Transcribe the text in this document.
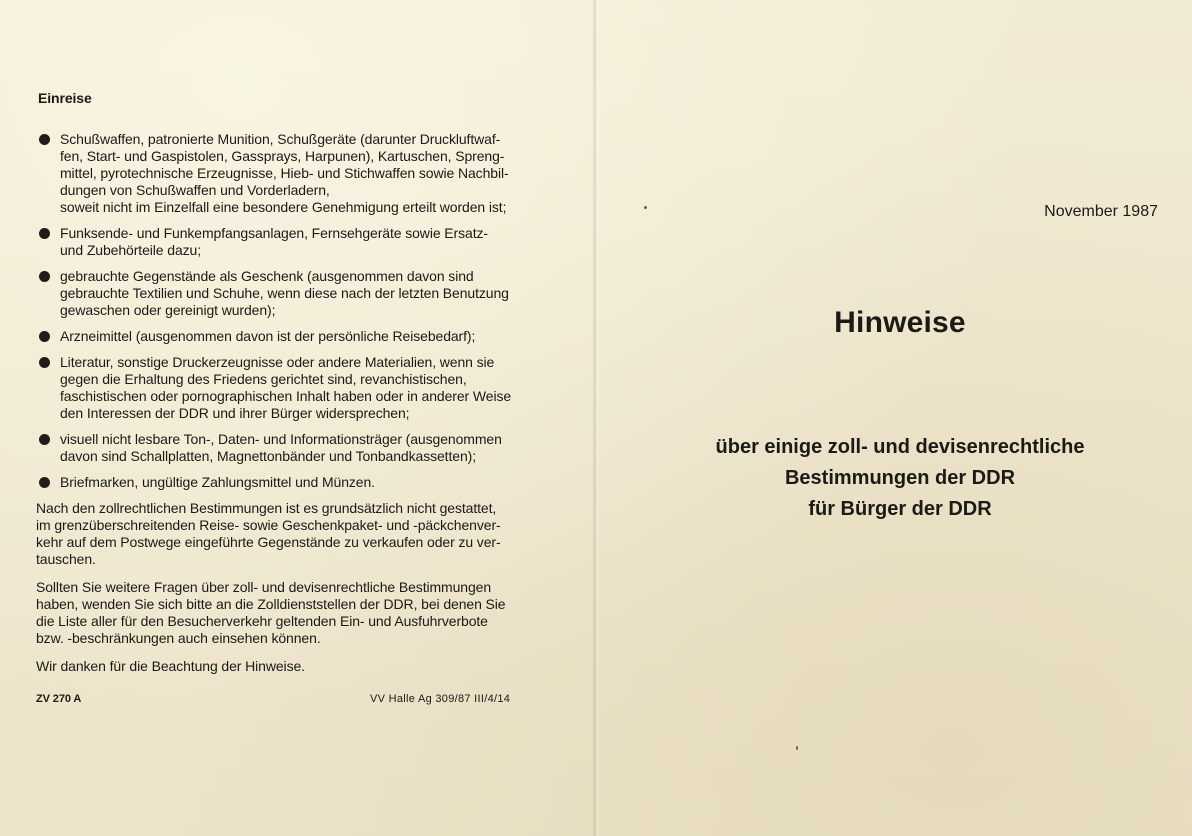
Einreise
Schußwaffen, patronierte Munition, Schußgeräte (darunter Druckluftwaf-
fen, Start- und Gaspistolen, Gassprays, Harpunen), Kartuschen, Spreng-
mittel, pyrotechnische Erzeugnisse, Hieb- und Stichwaffen sowie Nachbil-
dungen von Schußwaffen und Vorderladern,
soweit nicht im Einzelfall eine besondere Genehmigung erteilt worden ist;
Funksende- und Funkempfangsanlagen, Fernsehgeräte sowie Ersatz-
und Zubehörteile dazu;
gebrauchte Gegenstände als Geschenk (ausgenommen davon sind
gebrauchte Textilien und Schuhe, wenn diese nach der letzten Benutzung
gewaschen oder gereinigt wurden);
Arzneimittel (ausgenommen davon ist der persönliche Reisebedarf);
Literatur, sonstige Druckerzeugnisse oder andere Materialien, wenn sie
gegen die Erhaltung des Friedens gerichtet sind, revanchistischen,
faschistischen oder pornographischen Inhalt haben oder in anderer Weise
den Interessen der DDR und ihrer Bürger widersprechen;
visuell nicht lesbare Ton-, Daten- und Informationsträger (ausgenommen
davon sind Schallplatten, Magnettonbänder und Tonbandkassetten);
Briefmarken, ungültige Zahlungsmittel und Münzen.
Nach den zollrechtlichen Bestimmungen ist es grundsätzlich nicht gestattet,
im grenzüberschreitenden Reise- sowie Geschenkpaket- und -päckchenver-
kehr auf dem Postwege eingeführte Gegenstände zu verkaufen oder zu ver-
tauschen.
Sollten Sie weitere Fragen über zoll- und devisenrechtliche Bestimmungen
haben, wenden Sie sich bitte an die Zolldienststellen der DDR, bei denen Sie
die Liste aller für den Besucherverkehr geltenden Ein- und Ausfuhrverbote
bzw. -beschränkungen auch einsehen können.
Wir danken für die Beachtung der Hinweise.
ZV 270 A	VV Halle Ag 309/87 III/4/14
November 1987
Hinweise
über einige zoll- und devisenrechtliche
Bestimmungen der DDR
für Bürger der DDR
